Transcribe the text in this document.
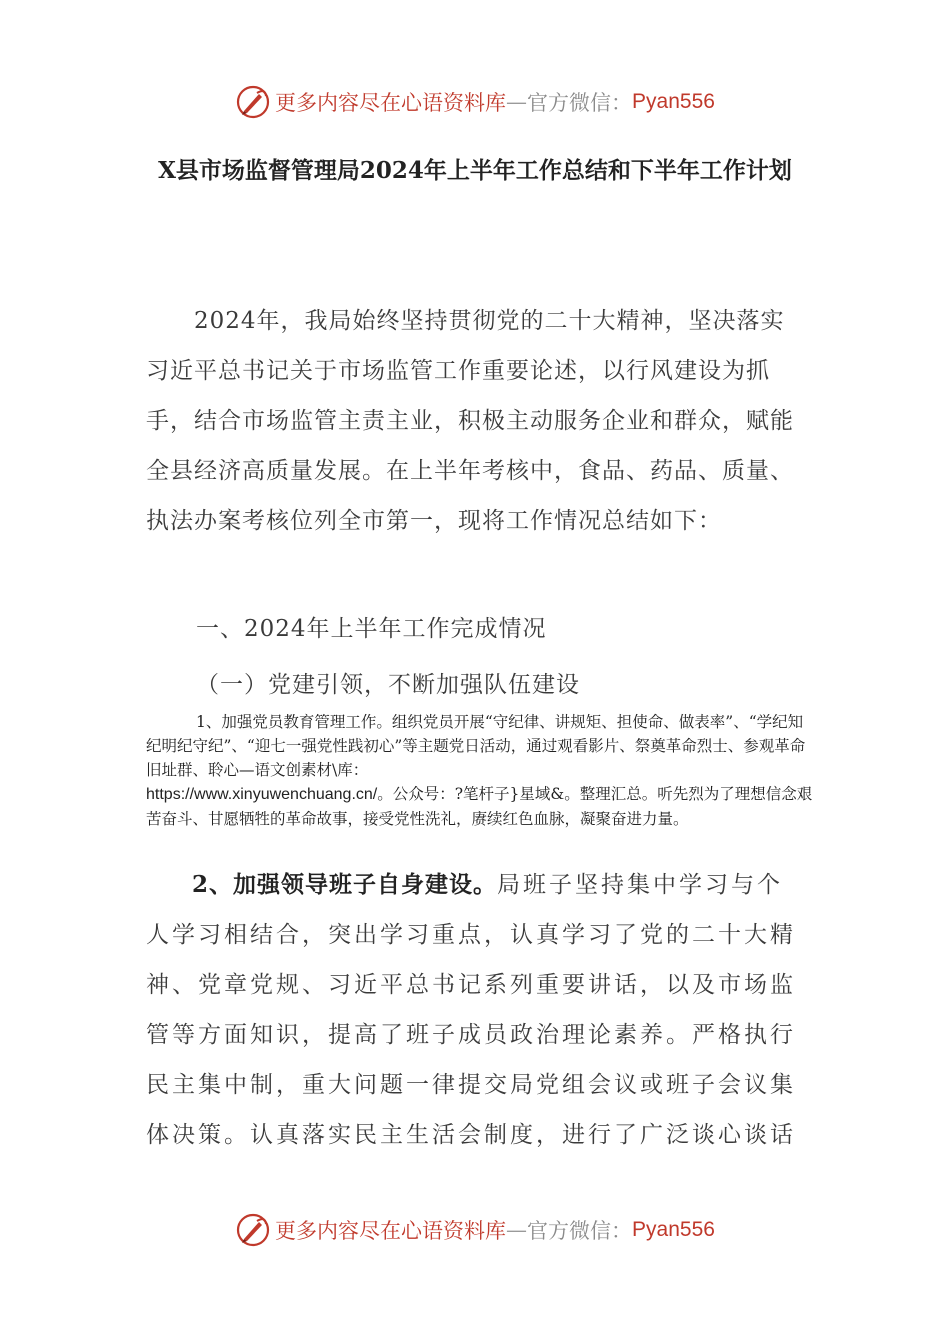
更多内容尽在心语资料库 — 官方微信： Pyan556
X县市场监督管理局2024年上半年工作总结和下半年工作计划
2024年，我局始终坚持贯彻党的二十大精神，坚决落实习近平总书记关于市场监管工作重要论述，以行风建设为抓手，结合市场监管主责主业，积极主动服务企业和群众，赋能全县经济高质量发展。在上半年考核中，食品、药品、质量、执法办案考核位列全市第一，现将工作情况总结如下：
一、2024年上半年工作完成情况
（一）党建引领，不断加强队伍建设
1、加强党员教育管理工作。组织党员开展“守纪律、讲规矩、担使命、做表率”、“学纪知纪明纪守纪”、“迎七一强党性践初心”等主题党日活动，通过观看影片、祭奠革命烈士、参观革命旧址群、聆心—语文创素材\库：
https://www.xinyuwenchuang.cn/。公众号：?笔杆子}星域&。整理汇总。听先烈为了理想信念艰苦奋斗、甘愿牺牲的革命故事，接受党性洗礼，赓续红色血脉，凝聚奋进力量。
2、加强领导班子自身建设。局班子坚持集中学习与个人学习相结合，突出学习重点，认真学习了党的二十大精神、党章党规、习近平总书记系列重要讲话，以及市场监管等方面知识，提高了班子成员政治理论素养。严格执行民主集中制，重大问题一律提交局党组会议或班子会议集体决策。认真落实民主生活会制度，进行了广泛谈心谈话
更多内容尽在心语资料库 — 官方微信： Pyan556
